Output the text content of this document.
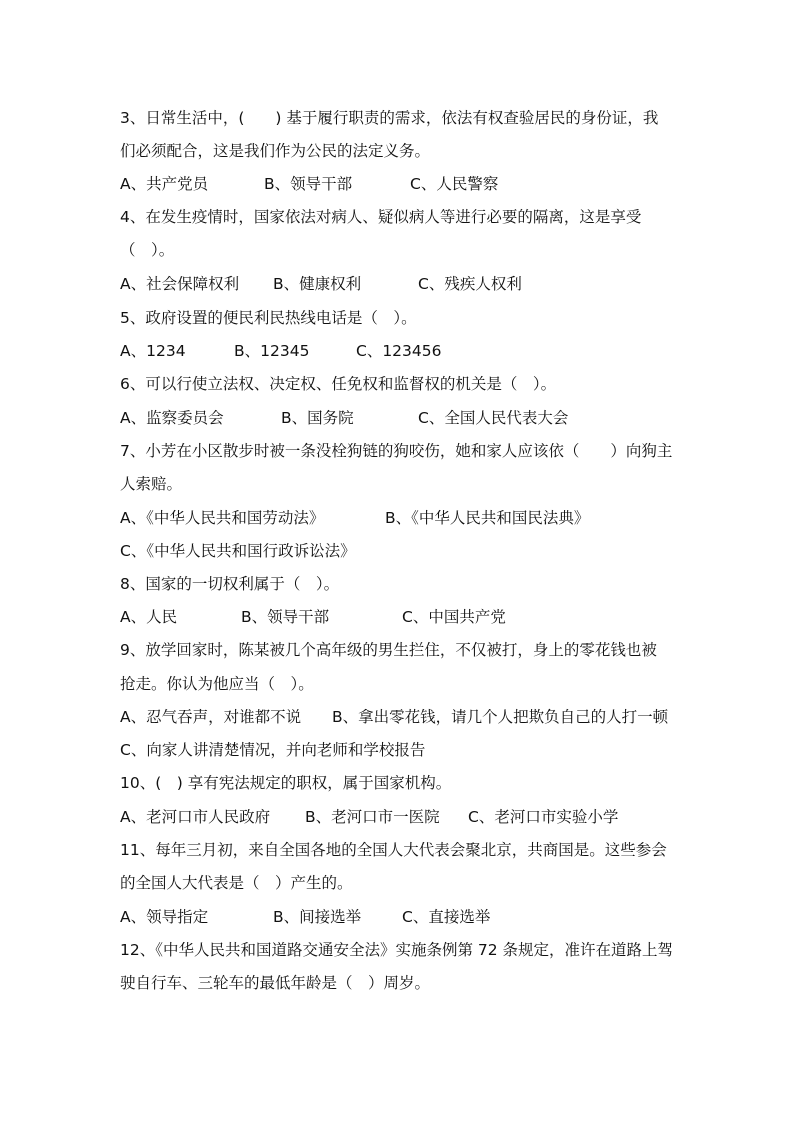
3、日常生活中，(　　) 基于履行职责的需求，依法有权查验居民的身份证，我
们必须配合，这是我们作为公民的法定义务。
A、共产党员	B、领导干部	C、人民警察
4、在发生疫情时，国家依法对病人、疑似病人等进行必要的隔离，这是享受
（　）。
A、社会保障权利 B、健康权利	C、残疾人权利
5、政府设置的便民利民热线电话是（　）。
A、1234	B、12345	C、123456
6、可以行使立法权、决定权、任免权和监督权的机关是（　）。
A、监察委员会	B、国务院	C、全国人民代表大会
7、小芳在小区散步时被一条没栓狗链的狗咬伤，她和家人应该依（　　）向狗主
人索赔。
A、《中华人民共和国劳动法》	B、《中华人民共和国民法典》
C、《中华人民共和国行政诉讼法》
8、国家的一切权利属于（　）。
A、人民	B、领导干部	C、中国共产党
9、放学回家时，陈某被几个高年级的男生拦住，不仅被打，身上的零花钱也被
抢走。你认为他应当（　）。
A、忍气吞声，对谁都不说 B、拿出零花钱，请几个人把欺负自己的人打一顿
C、向家人讲清楚情况，并向老师和学校报告
10、(　) 享有宪法规定的职权，属于国家机构。
A、老河口市人民政府 B、老河口市一医院 C、老河口市实验小学
11、每年三月初，来自全国各地的全国人大代表会聚北京，共商国是。这些参会
的全国人大代表是（　）产生的。
A、领导指定	B、间接选举	C、直接选举
12、《中华人民共和国道路交通安全法》实施条例第 72 条规定，准许在道路上驾
驶自行车、三轮车的最低年龄是（　）周岁。
